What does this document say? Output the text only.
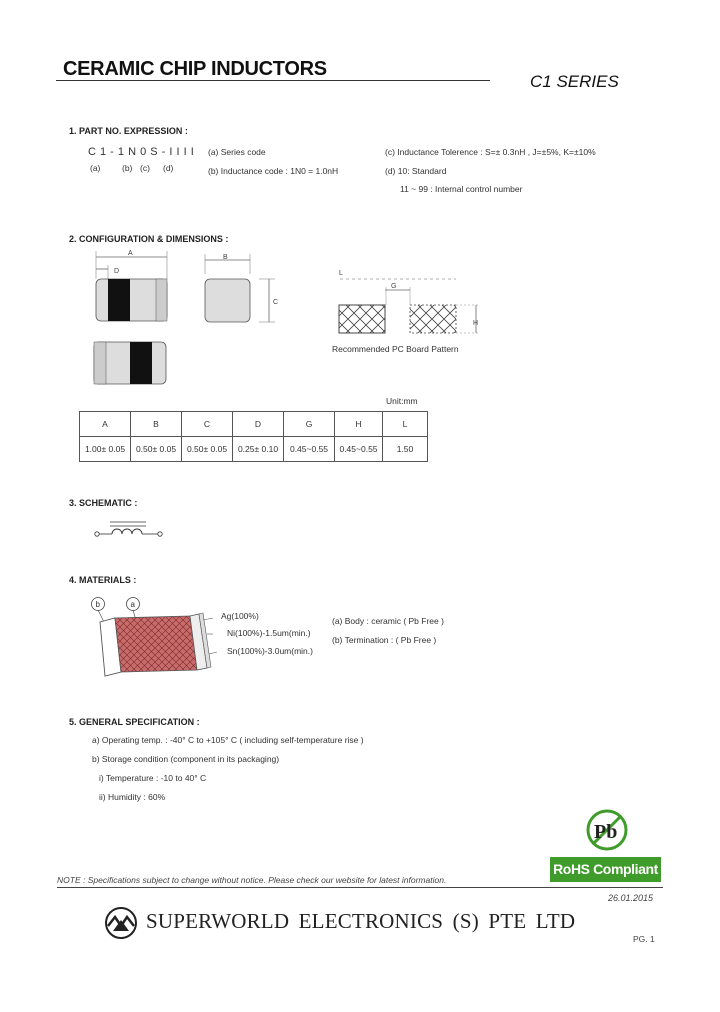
CERAMIC CHIP INDUCTORS
C1 SERIES
1. PART NO. EXPRESSION :
C 1 - 1 N 0 S - I I I I
(a)	(b) (c) (d)
(a) Series code
(b) Inductance code : 1N0 = 1.0nH
(c) Inductance Tolerence : S=± 0.3nH , J=±5%, K=±10%
(d) 10: Standard
11 ~ 99 : Internal control number
2. CONFIGURATION & DIMENSIONS :
A
D
B
C
G
H
L
Recommended PC Board Pattern
Unit:mm
A	B	C	D	G	H	L
1.00± 0.05	0.50± 0.05	0.50± 0.05	0.25± 0.10	0.45~0.55	0.45~0.55	1.50
3. SCHEMATIC :
4. MATERIALS :
b	a
Ag(100%)
Ni(100%)-1.5um(min.)
Sn(100%)-3.0um(min.)
(a) Body : ceramic ( Pb Free )
(b) Termination : ( Pb Free )
5. GENERAL SPECIFICATION :
a) Operating temp. : -40° C to +105° C ( including self-temperature rise )
b) Storage condition (component in its packaging)
i) Temperature : -10 to 40° C
ii) Humidity : 60%
Pb
RoHS Compliant
NOTE : Specifications subject to change without notice. Please check our website for latest information.
26.01.2015
SUPERWORLD ELECTRONICS (S) PTE LTD
PG. 1
